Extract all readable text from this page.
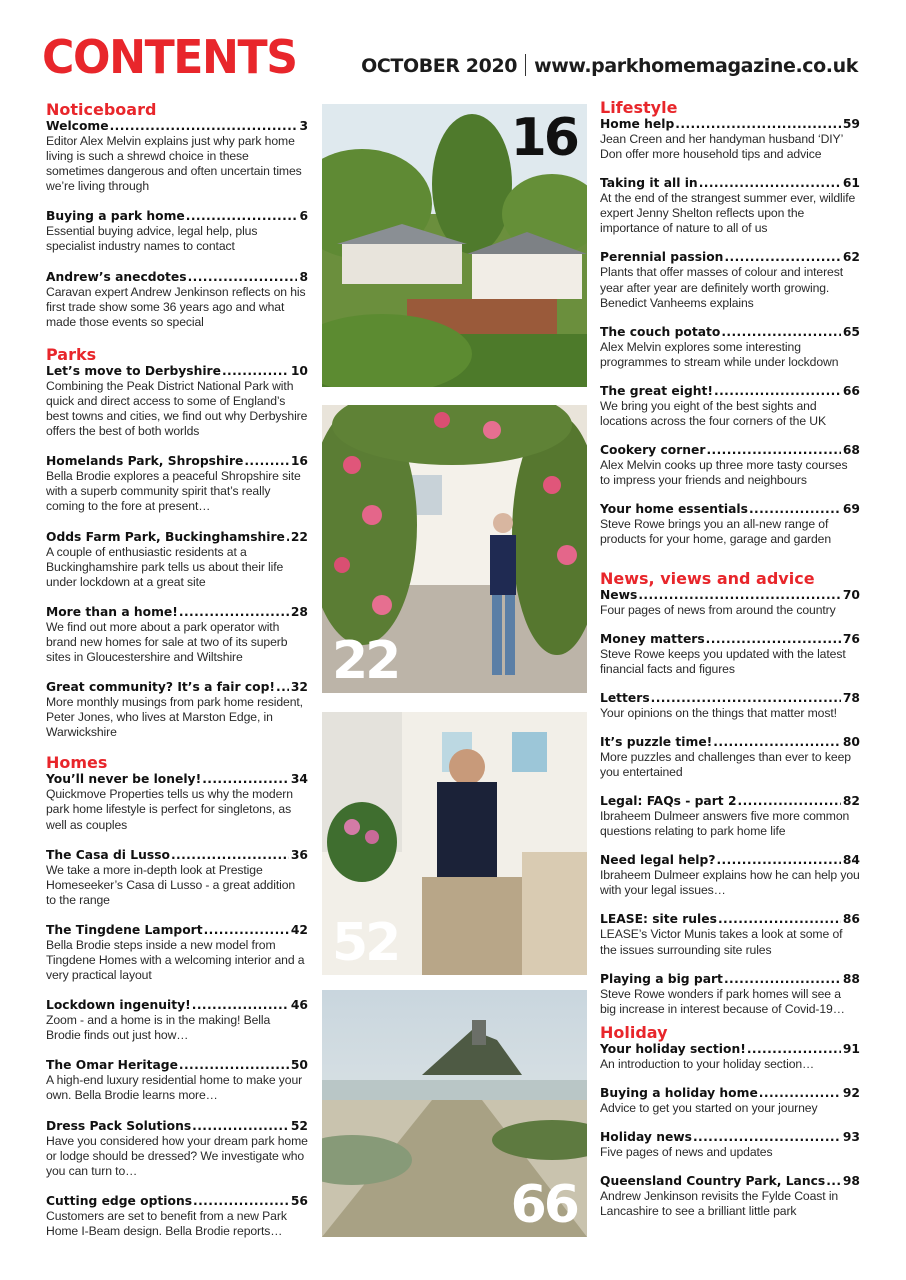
CONTENTS	OCTOBER 2020 www.parkhomemagazine.co.uk
Noticeboard
Welcome .....	3
Editor Alex Melvin explains just why park home living is such a shrewd choice in these sometimes dangerous and often uncertain times we’re living through
Buying a park home .....	6
Essential buying advice, legal help, plus specialist industry names to contact
Andrew’s anecdotes .....	8
Caravan expert Andrew Jenkinson reflects on his first trade show some 36 years ago and what made those events so special
Parks
Let’s move to Derbyshire .....	10
Combining the Peak District National Park with quick and direct access to some of England’s best towns and cities, we find out why Derbyshire offers the best of both worlds
Homelands Park, Shropshire .....	16
Bella Brodie explores a peaceful Shropshire site with a superb community spirit that’s really coming to the fore at present…
Odds Farm Park, Buckinghamshire ..... 22
A couple of enthusiastic residents at a Buckinghamshire park tells us about their life under lockdown at a great site
More than a home! .....	28
We find out more about a park operator with brand new homes for sale at two of its superb sites in Gloucestershire and Wiltshire
Great community? It’s a fair cop! ..... 32
More monthly musings from park home resident, Peter Jones, who lives at Marston Edge, in Warwickshire
Homes
You’ll never be lonely! .....	34
Quickmove Properties tells us why the modern park home lifestyle is perfect for singletons, as well as couples
The Casa di Lusso .....	36
We take a more in-depth look at Prestige Homeseeker’s Casa di Lusso - a great addition to the range
The Tingdene Lamport .....	42
Bella Brodie steps inside a new model from Tingdene Homes with a welcoming interior and a very practical layout
Lockdown ingenuity! .....	46
Zoom - and a home is in the making! Bella Brodie finds out just how…
The Omar Heritage .....	50
A high-end luxury residential home to make your own. Bella Brodie learns more…
Dress Pack Solutions .....	52
Have you considered how your dream park home or lodge should be dressed? We investigate who you can turn to…
Cutting edge options .....	56
Customers are set to benefit from a new Park Home I-Beam design. Bella Brodie reports…
16
22
52
66
Lifestyle
Home help .....	59
Jean Creen and her handyman husband ‘DIY’ Don offer more household tips and advice
Taking it all in .....	61
At the end of the strangest summer ever, wildlife expert Jenny Shelton reflects upon the importance of nature to all of us
Perennial passion .....	62
Plants that offer masses of colour and interest year after year are definitely worth growing. Benedict Vanheems explains
The couch potato .....	65
Alex Melvin explores some interesting programmes to stream while under lockdown
The great eight! .....	66
We bring you eight of the best sights and locations across the four corners of the UK
Cookery corner .....	68
Alex Melvin cooks up three more tasty courses to impress your friends and neighbours
Your home essentials .....	69
Steve Rowe brings you an all-new range of products for your home, garage and garden
News, views and advice
News .....	70
Four pages of news from around the country
Money matters .....	76
Steve Rowe keeps you updated with the latest financial facts and figures
Letters .....	78
Your opinions on the things that matter most!
It’s puzzle time! .....	80
More puzzles and challenges than ever to keep you entertained
Legal: FAQs - part 2 .....	82
Ibraheem Dulmeer answers five more common questions relating to park home life
Need legal help? .....	84
Ibraheem Dulmeer explains how he can help you with your legal issues…
LEASE: site rules .....	86
LEASE’s Victor Munis takes a look at some of the issues surrounding site rules
Playing a big part .....	88
Steve Rowe wonders if park homes will see a big increase in interest because of Covid-19…
Holiday
Your holiday section! .....	91
An introduction to your holiday section…
Buying a holiday home .....	92
Advice to get you started on your journey
Holiday news .....	93
Five pages of news and updates
Queensland Country Park, Lancs ..... 98
Andrew Jenkinson revisits the Fylde Coast in Lancashire to see a brilliant little park
